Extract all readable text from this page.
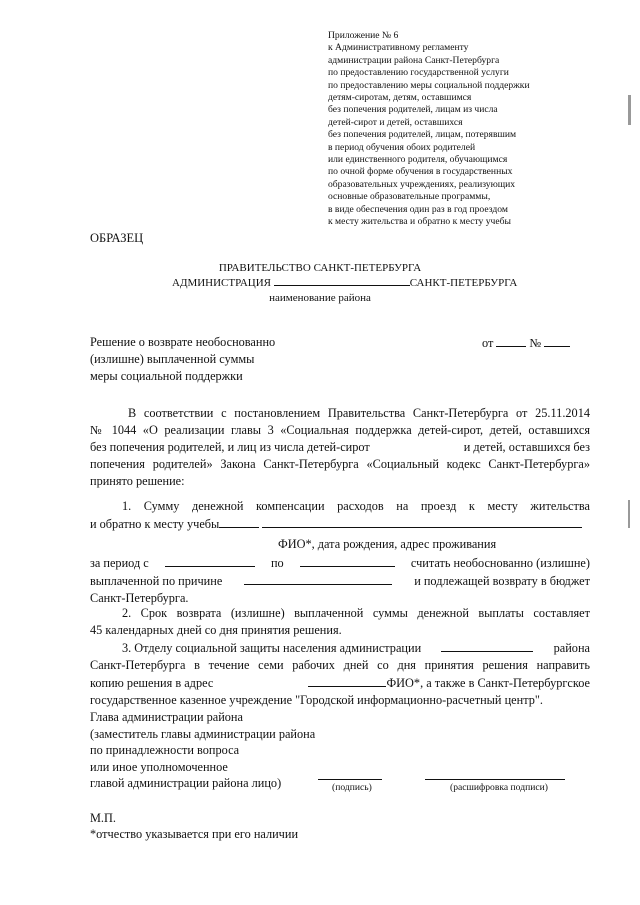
Приложение № 6
к Административному регламенту
администрации района Санкт-Петербурга
по предоставлению государственной услуги
по предоставлению меры социальной поддержки
детям-сиротам, детям, оставшимся
без попечения родителей, лицам из числа
детей-сирот и детей, оставшихся
без попечения родителей, лицам, потерявшим
в период обучения обоих родителей
или единственного родителя, обучающимся
по очной форме обучения в государственных
образовательных учреждениях, реализующих
основные образовательные программы,
в виде обеспечения один раз в год проездом
к месту жительства и обратно к месту учебы
ОБРАЗЕЦ
ПРАВИТЕЛЬСТВО САНКТ-ПЕТЕРБУРГА
АДМИНИСТРАЦИЯ	САНКТ-ПЕТЕРБУРГА
наименование района
Решение о возврате необоснованно
(излишне) выплаченной суммы
меры социальной поддержки
от	№
В соответствии с постановлением Правительства Санкт-Петербурга от 25.11.2014
№ 1044 «О реализации главы 3 «Социальная поддержка детей-сирот, детей, оставшихся
без попечения родителей, и лиц из числа детей-сирот	и детей, оставшихся без
попечения родителей» Закона Санкт-Петербурга «Социальный кодекс Санкт-Петербурга»
принято решение:
1. Сумму денежной компенсации расходов на проезд к месту жительства
и обратно к месту учебы
ФИО*, дата рождения, адрес проживания
за период с	по	считать необоснованно (излишне)
выплаченной по причине	и подлежащей возврату в бюджет
Санкт-Петербурга.
2. Срок возврата (излишне) выплаченной суммы денежной выплаты составляет
45 календарных дней со дня принятия решения.
3. Отделу социальной защиты населения администрации	района
Санкт-Петербурга в течение семи рабочих дней со дня принятия решения направить
копию решения в адрес	ФИО*, а также в Санкт-Петербургское
государственное казенное учреждение "Городской информационно-расчетный центр".
Глава администрации района
(заместитель главы администрации района
по принадлежности вопроса
или иное уполномоченное
главой администрации района лицо)	(подпись)	(расшифровка подписи)
М.П.
*отчество указывается при его наличии
